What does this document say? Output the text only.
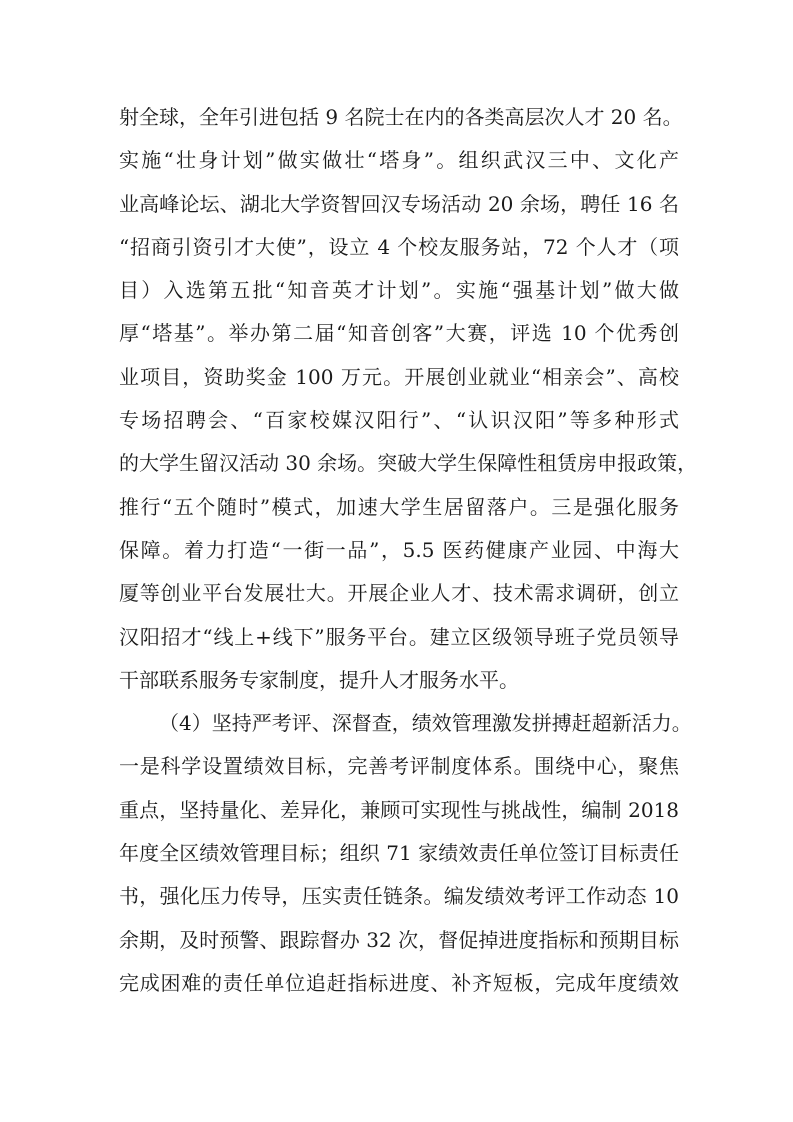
射全球，全年引进包括 9 名院士在内的各类高层次人才 20 名。
实施“壮身计划”做实做壮“塔身”。组织武汉三中、文化产
业高峰论坛、湖北大学资智回汉专场活动 20 余场，聘任 16 名
“招商引资引才大使”，设立 4 个校友服务站，72 个人才（项
目）入选第五批“知音英才计划”。实施“强基计划”做大做
厚“塔基”。举办第二届“知音创客”大赛，评选 10 个优秀创
业项目，资助奖金 100 万元。开展创业就业“相亲会”、高校
专场招聘会、“百家校媒汉阳行”、“认识汉阳”等多种形式
的大学生留汉活动 30 余场。突破大学生保障性租赁房申报政策，
推行“五个随时”模式，加速大学生居留落户。三是强化服务
保障。着力打造“一街一品”，5.5 医药健康产业园、中海大
厦等创业平台发展壮大。开展企业人才、技术需求调研，创立
汉阳招才“线上+线下”服务平台。建立区级领导班子党员领导
干部联系服务专家制度，提升人才服务水平。
（4）坚持严考评、深督查，绩效管理激发拼搏赶超新活力。
一是科学设置绩效目标，完善考评制度体系。围绕中心，聚焦
重点，坚持量化、差异化，兼顾可实现性与挑战性，编制 2018
年度全区绩效管理目标；组织 71 家绩效责任单位签订目标责任
书，强化压力传导，压实责任链条。编发绩效考评工作动态 10
余期，及时预警、跟踪督办 32 次，督促掉进度指标和预期目标
完成困难的责任单位追赶指标进度、补齐短板，完成年度绩效
